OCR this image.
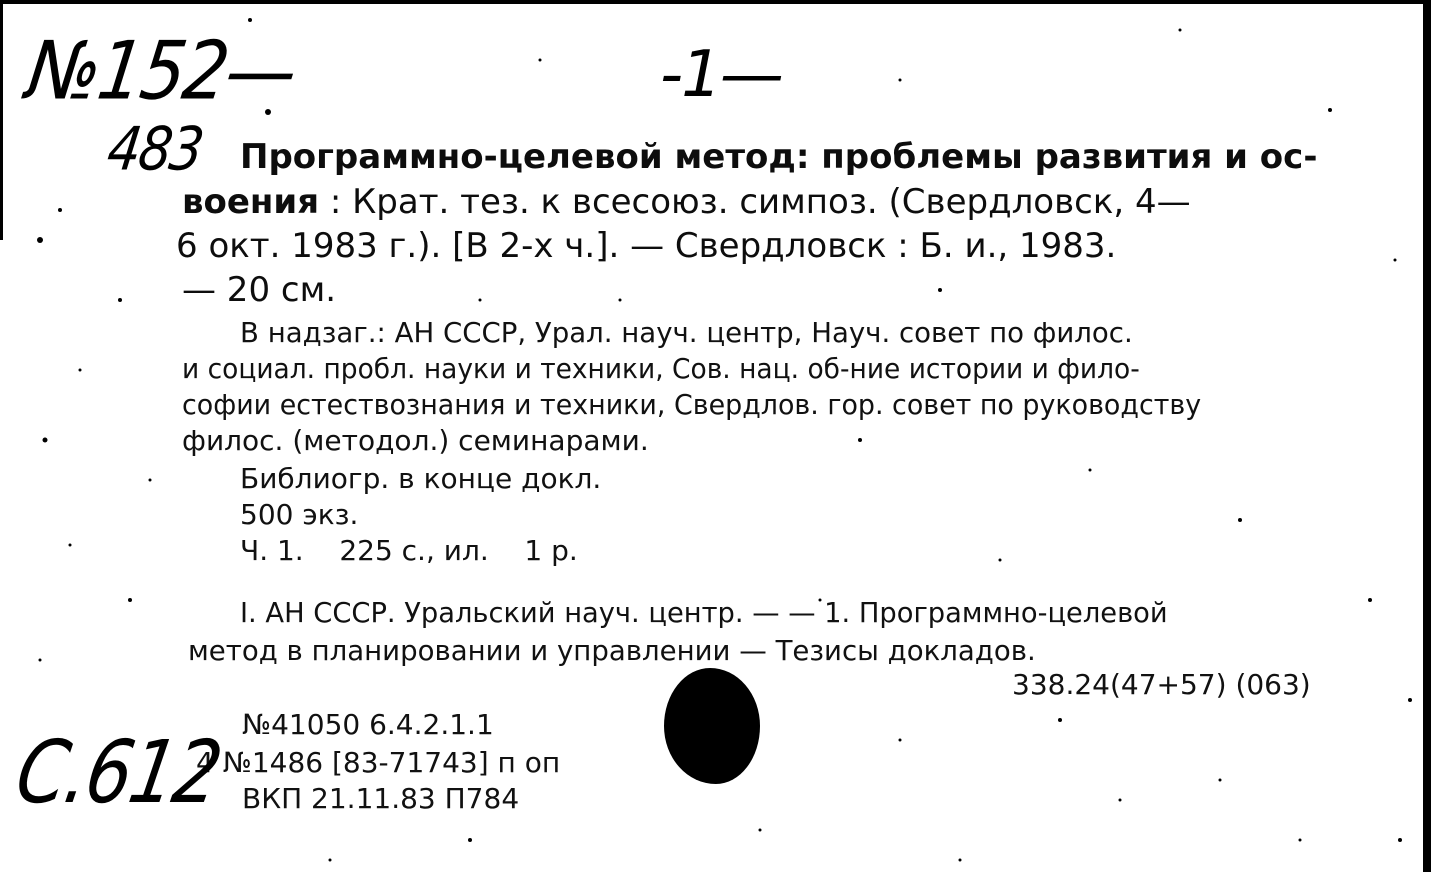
№152—
483
-1—
Программно-целевой метод: проблемы развития и ос-
воения : Крат. тез. к всесоюз. симпоз. (Свердловск, 4—
6 окт. 1983 г.). [В 2-х ч.]. — Свердловск : Б. и., 1983.
— 20 см.
В надзаг.: АН СССР, Урал. науч. центр, Науч. совет по филос.
и социал. пробл. науки и техники, Сов. нац. об-ние истории и фило-
софии естествознания и техники, Свердлов. гор. совет по руководству
филос. (методол.) семинарами.
Библиогр. в конце докл.
500 экз.
Ч. 1.    225 с., ил.    1 р.
I. АН СССР. Уральский науч. центр. — — 1. Программно-целевой
метод в планировании и управлении — Тезисы докладов.
338.24(47+57) (063)
№41050 6.4.2.1.1
4 №1486 [83-71743] п оп
ВКП 21.11.83 П784
С.612
